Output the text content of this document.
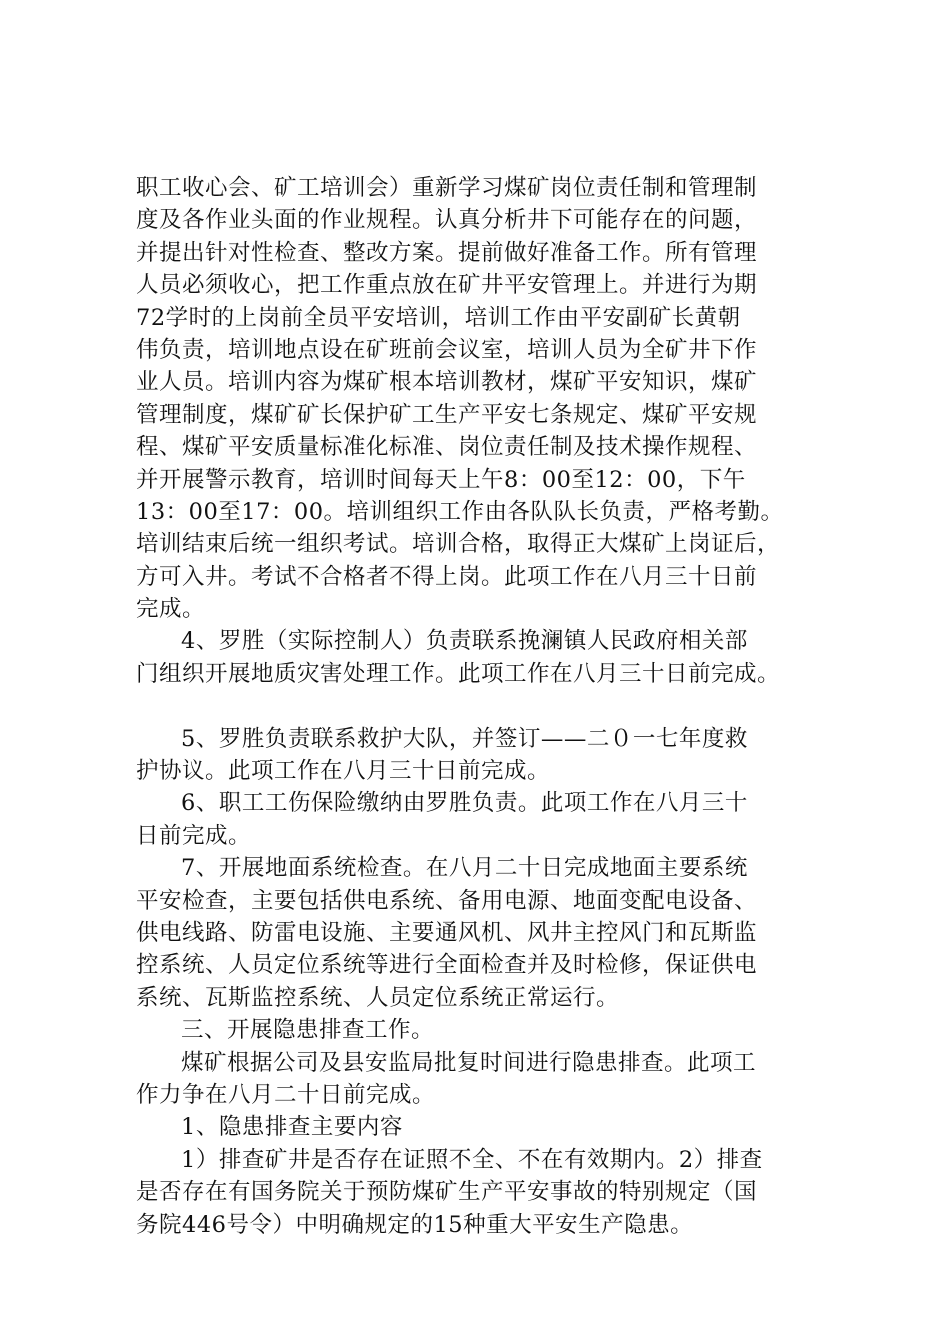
职工收心会、矿工培训会）重新学习煤矿岗位责任制和管理制
度及各作业头面的作业规程。认真分析井下可能存在的问题，
并提出针对性检查、整改方案。提前做好准备工作。所有管理
人员必须收心，把工作重点放在矿井平安管理上。并进行为期
72学时的上岗前全员平安培训，培训工作由平安副矿长黄朝
伟负责，培训地点设在矿班前会议室，培训人员为全矿井下作
业人员。培训内容为煤矿根本培训教材，煤矿平安知识，煤矿
管理制度，煤矿矿长保护矿工生产平安七条规定、煤矿平安规
程、煤矿平安质量标准化标准、岗位责任制及技术操作规程、
并开展警示教育，培训时间每天上午8：00至12：00，下午
13：00至17：00。培训组织工作由各队队长负责，严格考勤。
培训结束后统一组织考试。培训合格，取得正大煤矿上岗证后，
方可入井。考试不合格者不得上岗。此项工作在八月三十日前
完成。
4、罗胜（实际控制人）负责联系挽澜镇人民政府相关部
门组织开展地质灾害处理工作。此项工作在八月三十日前完成。
5、罗胜负责联系救护大队，并签订——二０一七年度救
护协议。此项工作在八月三十日前完成。
6、职工工伤保险缴纳由罗胜负责。此项工作在八月三十
日前完成。
7、开展地面系统检查。在八月二十日完成地面主要系统
平安检查，主要包括供电系统、备用电源、地面变配电设备、
供电线路、防雷电设施、主要通风机、风井主控风门和瓦斯监
控系统、人员定位系统等进行全面检查并及时检修，保证供电
系统、瓦斯监控系统、人员定位系统正常运行。
三、开展隐患排查工作。
煤矿根据公司及县安监局批复时间进行隐患排查。此项工
作力争在八月二十日前完成。
1、隐患排查主要内容
1）排查矿井是否存在证照不全、不在有效期内。2）排查
是否存在有国务院关于预防煤矿生产平安事故的特别规定（国
务院446号令）中明确规定的15种重大平安生产隐患。
